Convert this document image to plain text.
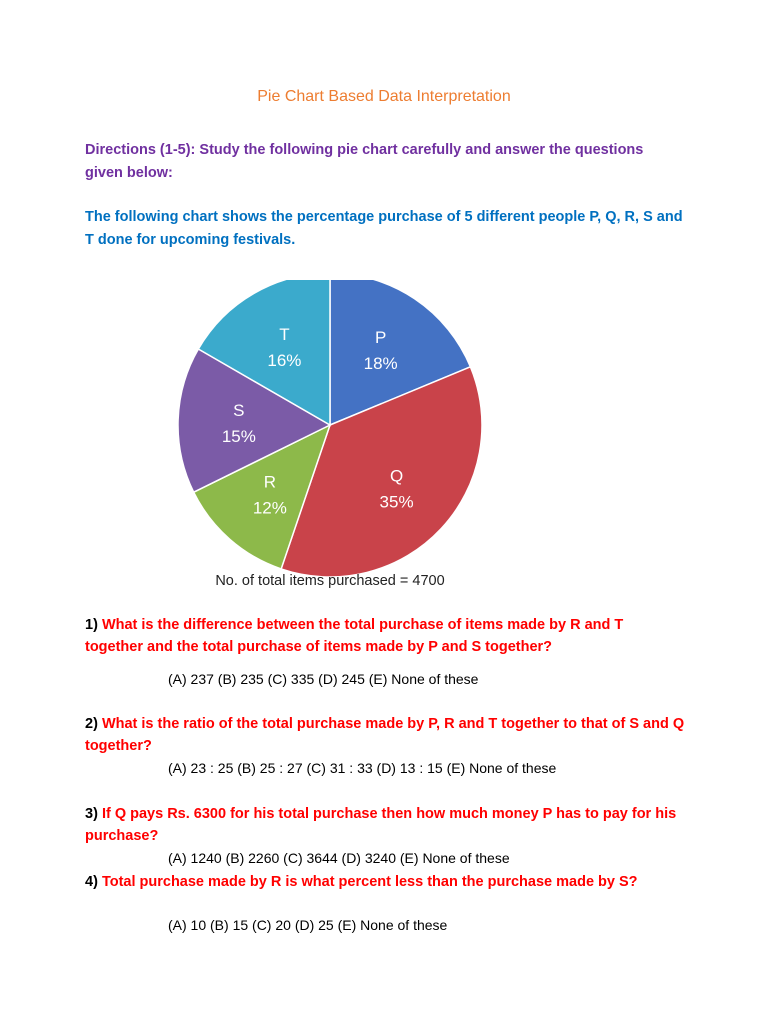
Pie Chart Based Data Interpretation
Directions (1-5): Study the following pie chart carefully and answer the questions given below:
The following chart shows the percentage purchase of 5 different people P, Q, R, S and T done for upcoming festivals.
P
18%
Q
35%
R
12%
S
15%
T
16%
No. of total items purchased = 4700
1) What is the difference between the total purchase of items made by R and T together and the total purchase of items made by P and S together?
(A) 237 (B) 235 (C) 335 (D) 245 (E) None of these
2) What is the ratio of the total purchase made by P, R and T together to that of S and Q together?
(A) 23 : 25 (B) 25 : 27 (C) 31 : 33 (D) 13 : 15 (E) None of these
3) If Q pays Rs. 6300 for his total purchase then how much money P has to pay for his purchase?
(A) 1240 (B) 2260 (C) 3644 (D) 3240 (E) None of these
4) Total purchase made by R is what percent less than the purchase made by S?
(A) 10 (B) 15 (C) 20 (D) 25 (E) None of these
